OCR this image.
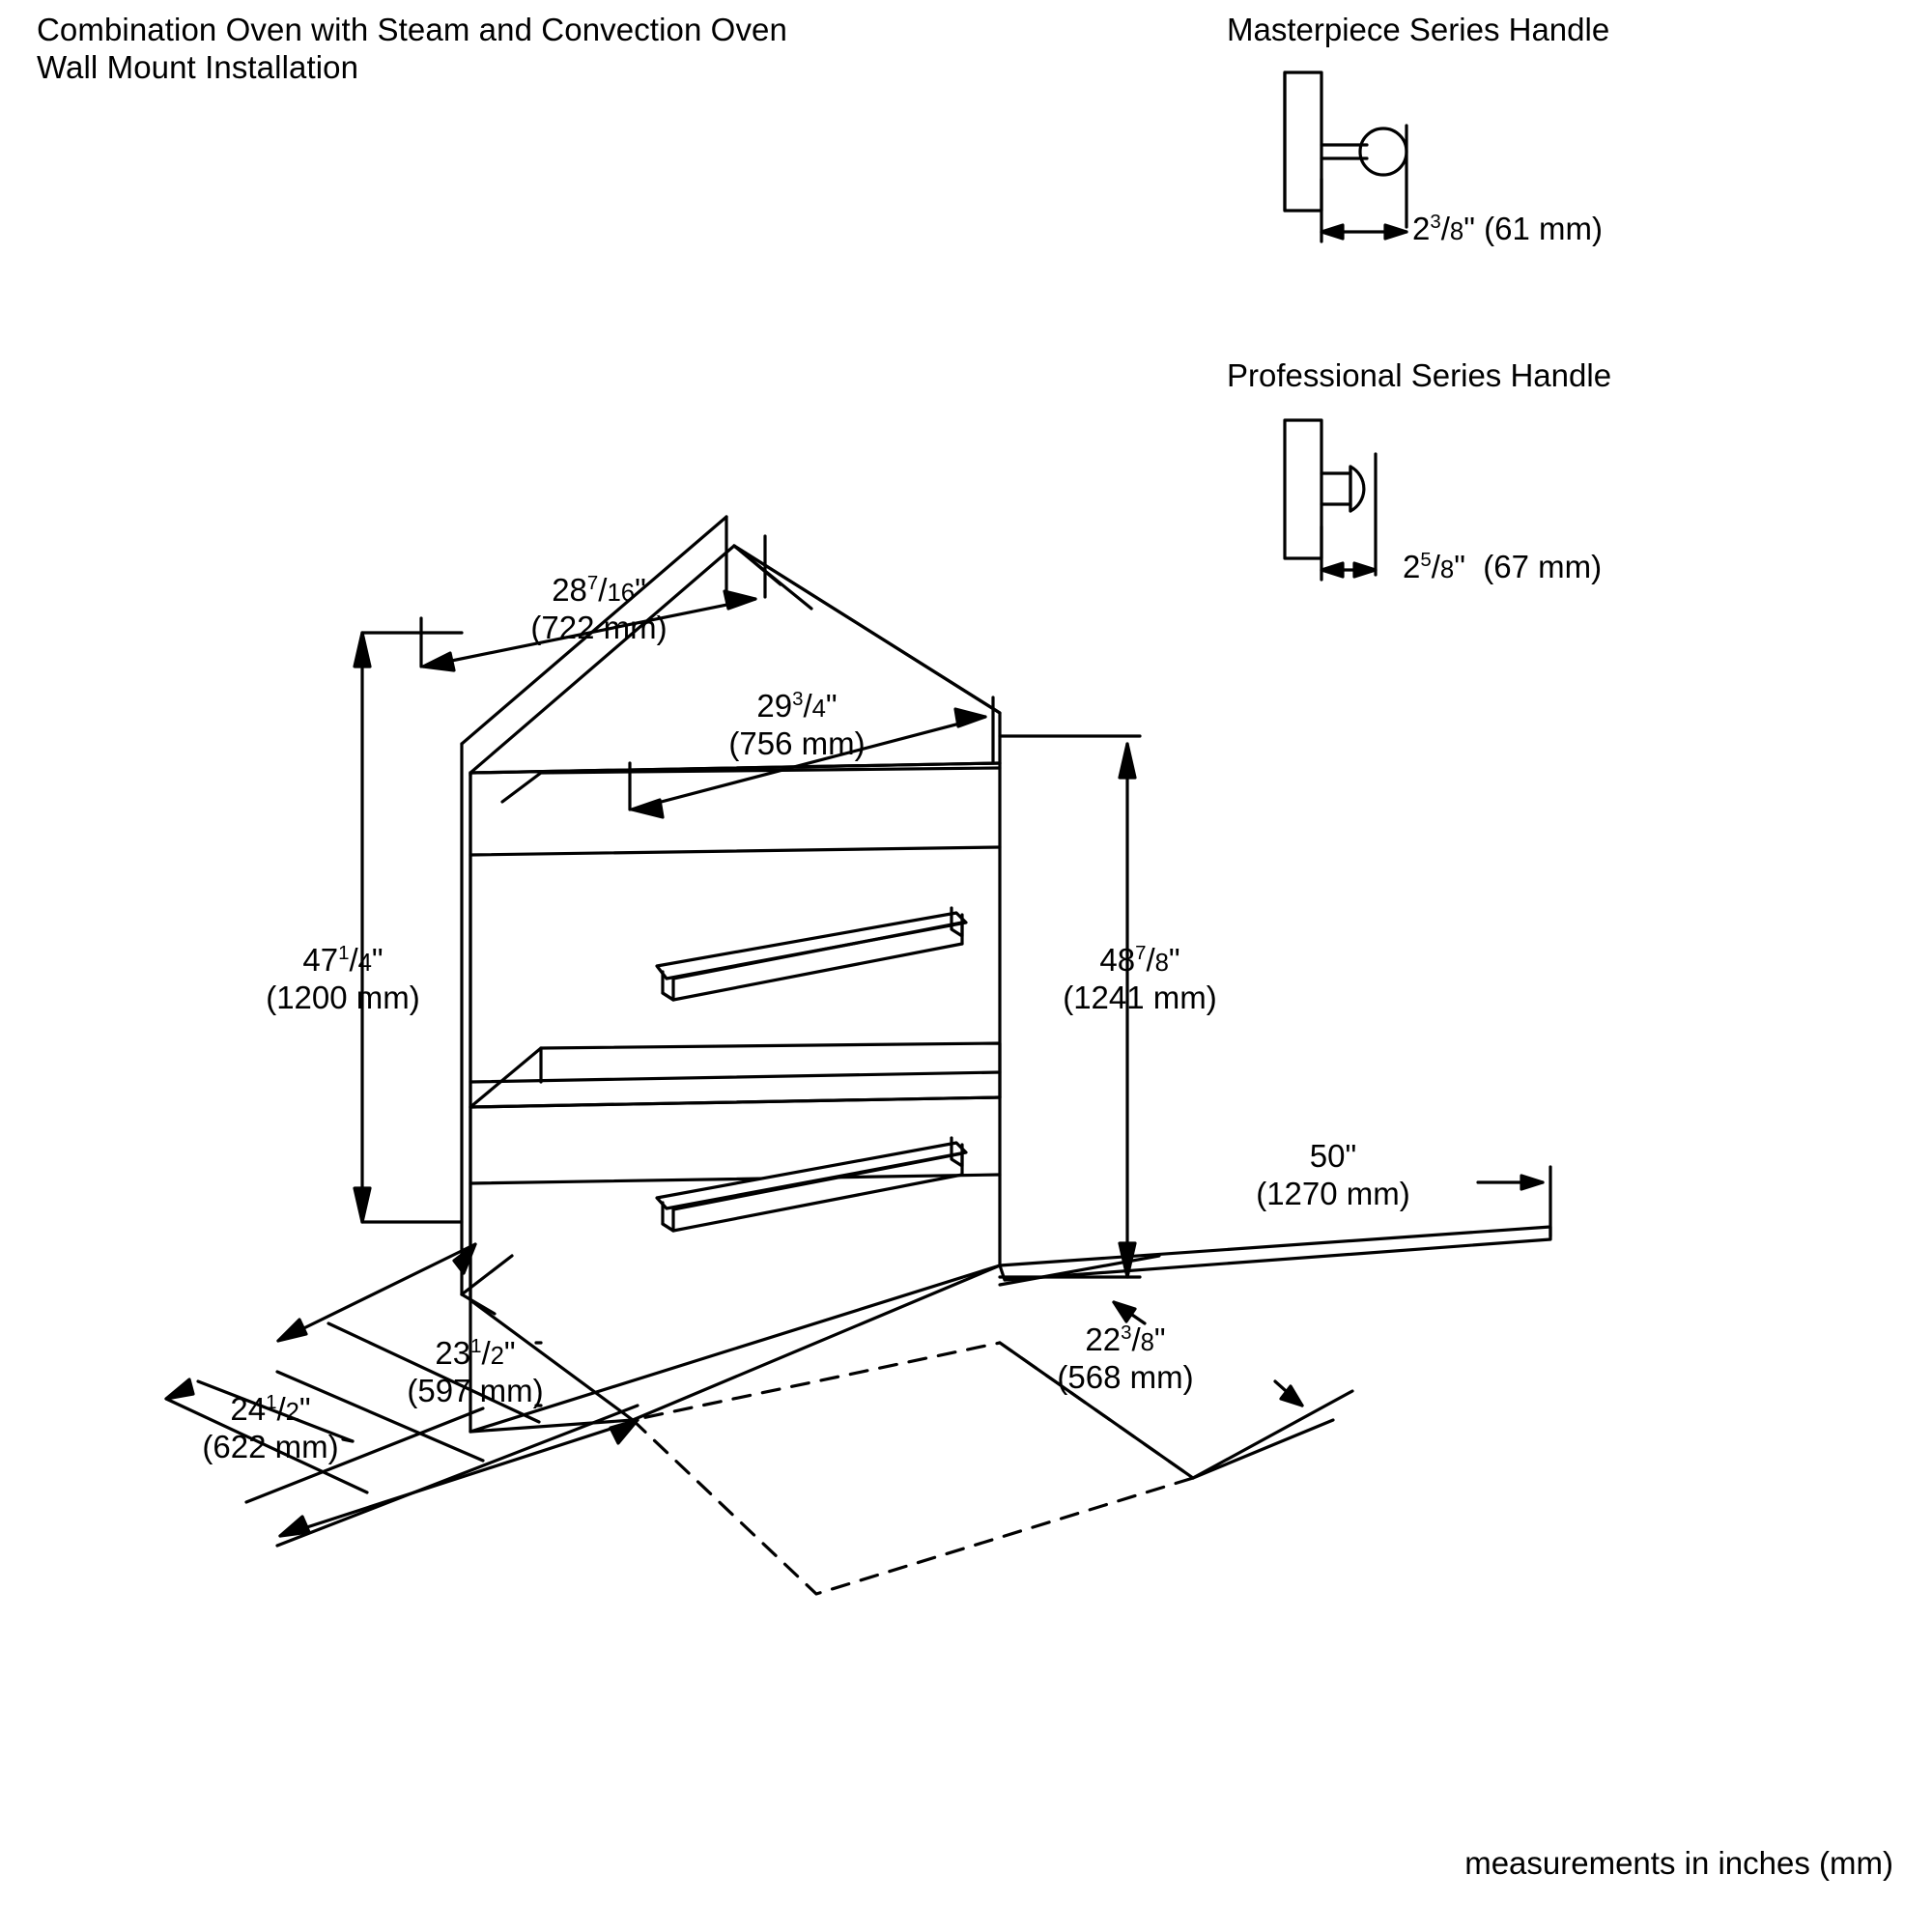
Combination Oven with Steam and Convection Oven
Wall Mount Installation
Masterpiece Series Handle
$2^3/8$" (61 mm)
Professional Series Handle
$2^5/8$" (67 mm)
$28^7/16$"
(722 mm)
$29^3/4$"
(756 mm)
$47^1/4$"
(1200 mm)
$48^7/8$"
(1241 mm)
50"
(1270 mm)
$23^1/2$"
(597 mm)
$24^1/2$"
(622 mm)
$22^3/8$"
(568 mm)
measurements in inches (mm)
